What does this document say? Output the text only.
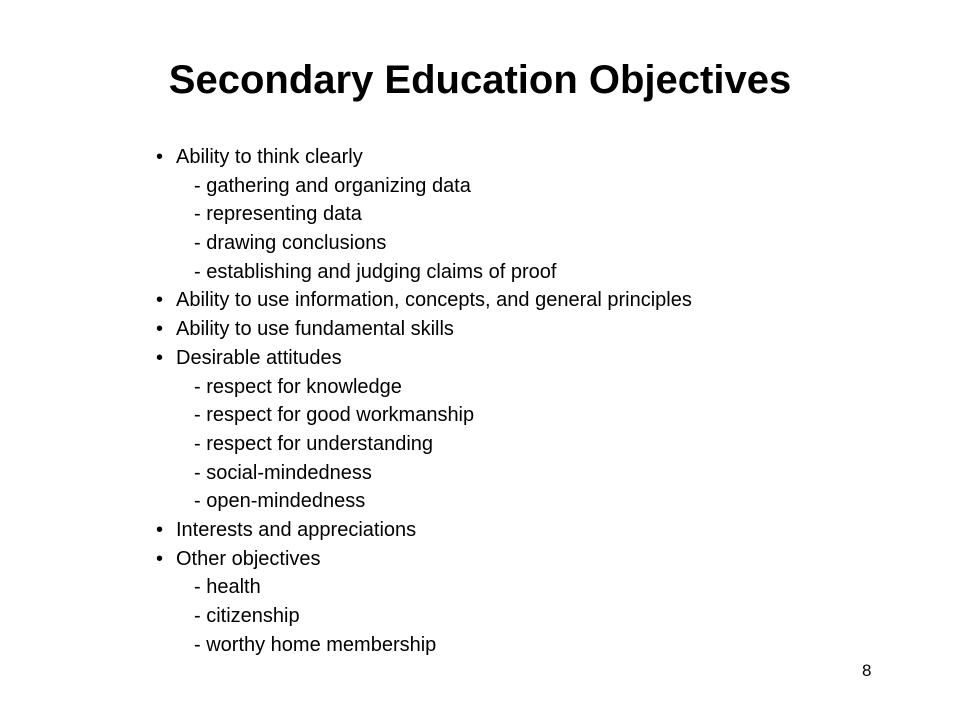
Secondary Education Objectives
• Ability to think clearly
- gathering and organizing data
- representing data
- drawing conclusions
- establishing and judging claims of proof
• Ability to use information, concepts, and general principles
• Ability to use fundamental skills
• Desirable attitudes
- respect for knowledge
- respect for good workmanship
- respect for understanding
- social-mindedness
- open-mindedness
• Interests and appreciations
• Other objectives
- health
- citizenship
- worthy home membership
8
